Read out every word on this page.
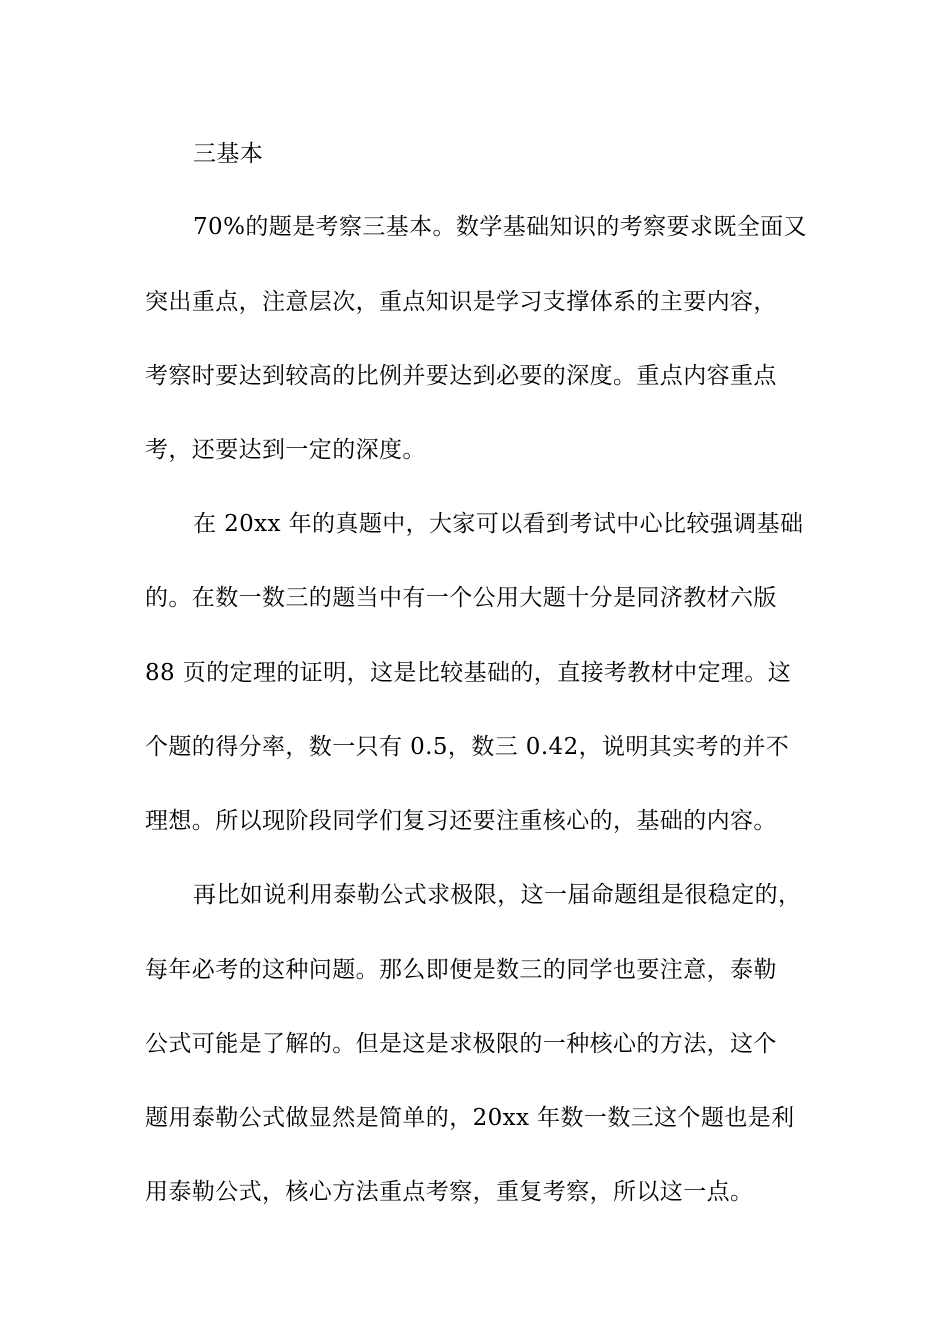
三基本
70%的题是考察三基本。数学基础知识的考察要求既全面又
突出重点，注意层次，重点知识是学习支撑体系的主要内容，
考察时要达到较高的比例并要达到必要的深度。重点内容重点
考，还要达到一定的深度。
在 20xx 年的真题中，大家可以看到考试中心比较强调基础
的。在数一数三的题当中有一个公用大题十分是同济教材六版
88 页的定理的证明，这是比较基础的，直接考教材中定理。这
个题的得分率，数一只有 0.5，数三 0.42，说明其实考的并不
理想。所以现阶段同学们复习还要注重核心的，基础的内容。
再比如说利用泰勒公式求极限，这一届命题组是很稳定的，
每年必考的这种问题。那么即便是数三的同学也要注意，泰勒
公式可能是了解的。但是这是求极限的一种核心的方法，这个
题用泰勒公式做显然是简单的，20xx 年数一数三这个题也是利
用泰勒公式，核心方法重点考察，重复考察，所以这一点。
